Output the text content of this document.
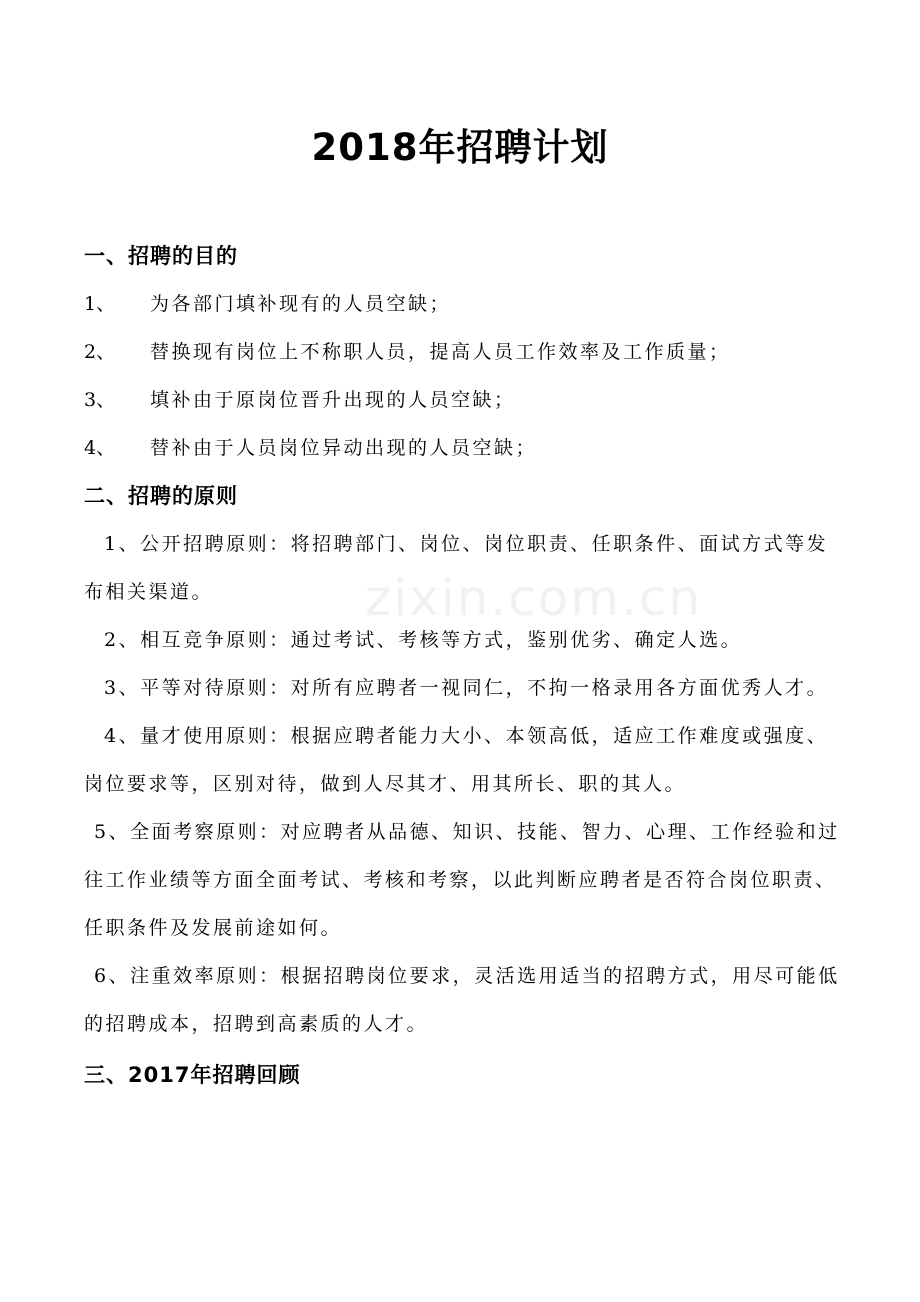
zixin.com.cn
2018年招聘计划
一、招聘的目的
1、 为各部门填补现有的人员空缺；
2、 替换现有岗位上不称职人员，提高人员工作效率及工作质量；
3、 填补由于原岗位晋升出现的人员空缺；
4、 替补由于人员岗位异动出现的人员空缺；
二、招聘的原则
1、公开招聘原则：将招聘部门、岗位、岗位职责、任职条件、面试方式等发
布相关渠道。
2、相互竞争原则：通过考试、考核等方式，鉴别优劣、确定人选。
3、平等对待原则：对所有应聘者一视同仁，不拘一格录用各方面优秀人才。
4、量才使用原则：根据应聘者能力大小、本领高低，适应工作难度或强度、
岗位要求等，区别对待，做到人尽其才、用其所长、职的其人。
5、全面考察原则：对应聘者从品德、知识、技能、智力、心理、工作经验和过
往工作业绩等方面全面考试、考核和考察，以此判断应聘者是否符合岗位职责、
任职条件及发展前途如何。
6、注重效率原则：根据招聘岗位要求，灵活选用适当的招聘方式，用尽可能低
的招聘成本，招聘到高素质的人才。
三、2017年招聘回顾
